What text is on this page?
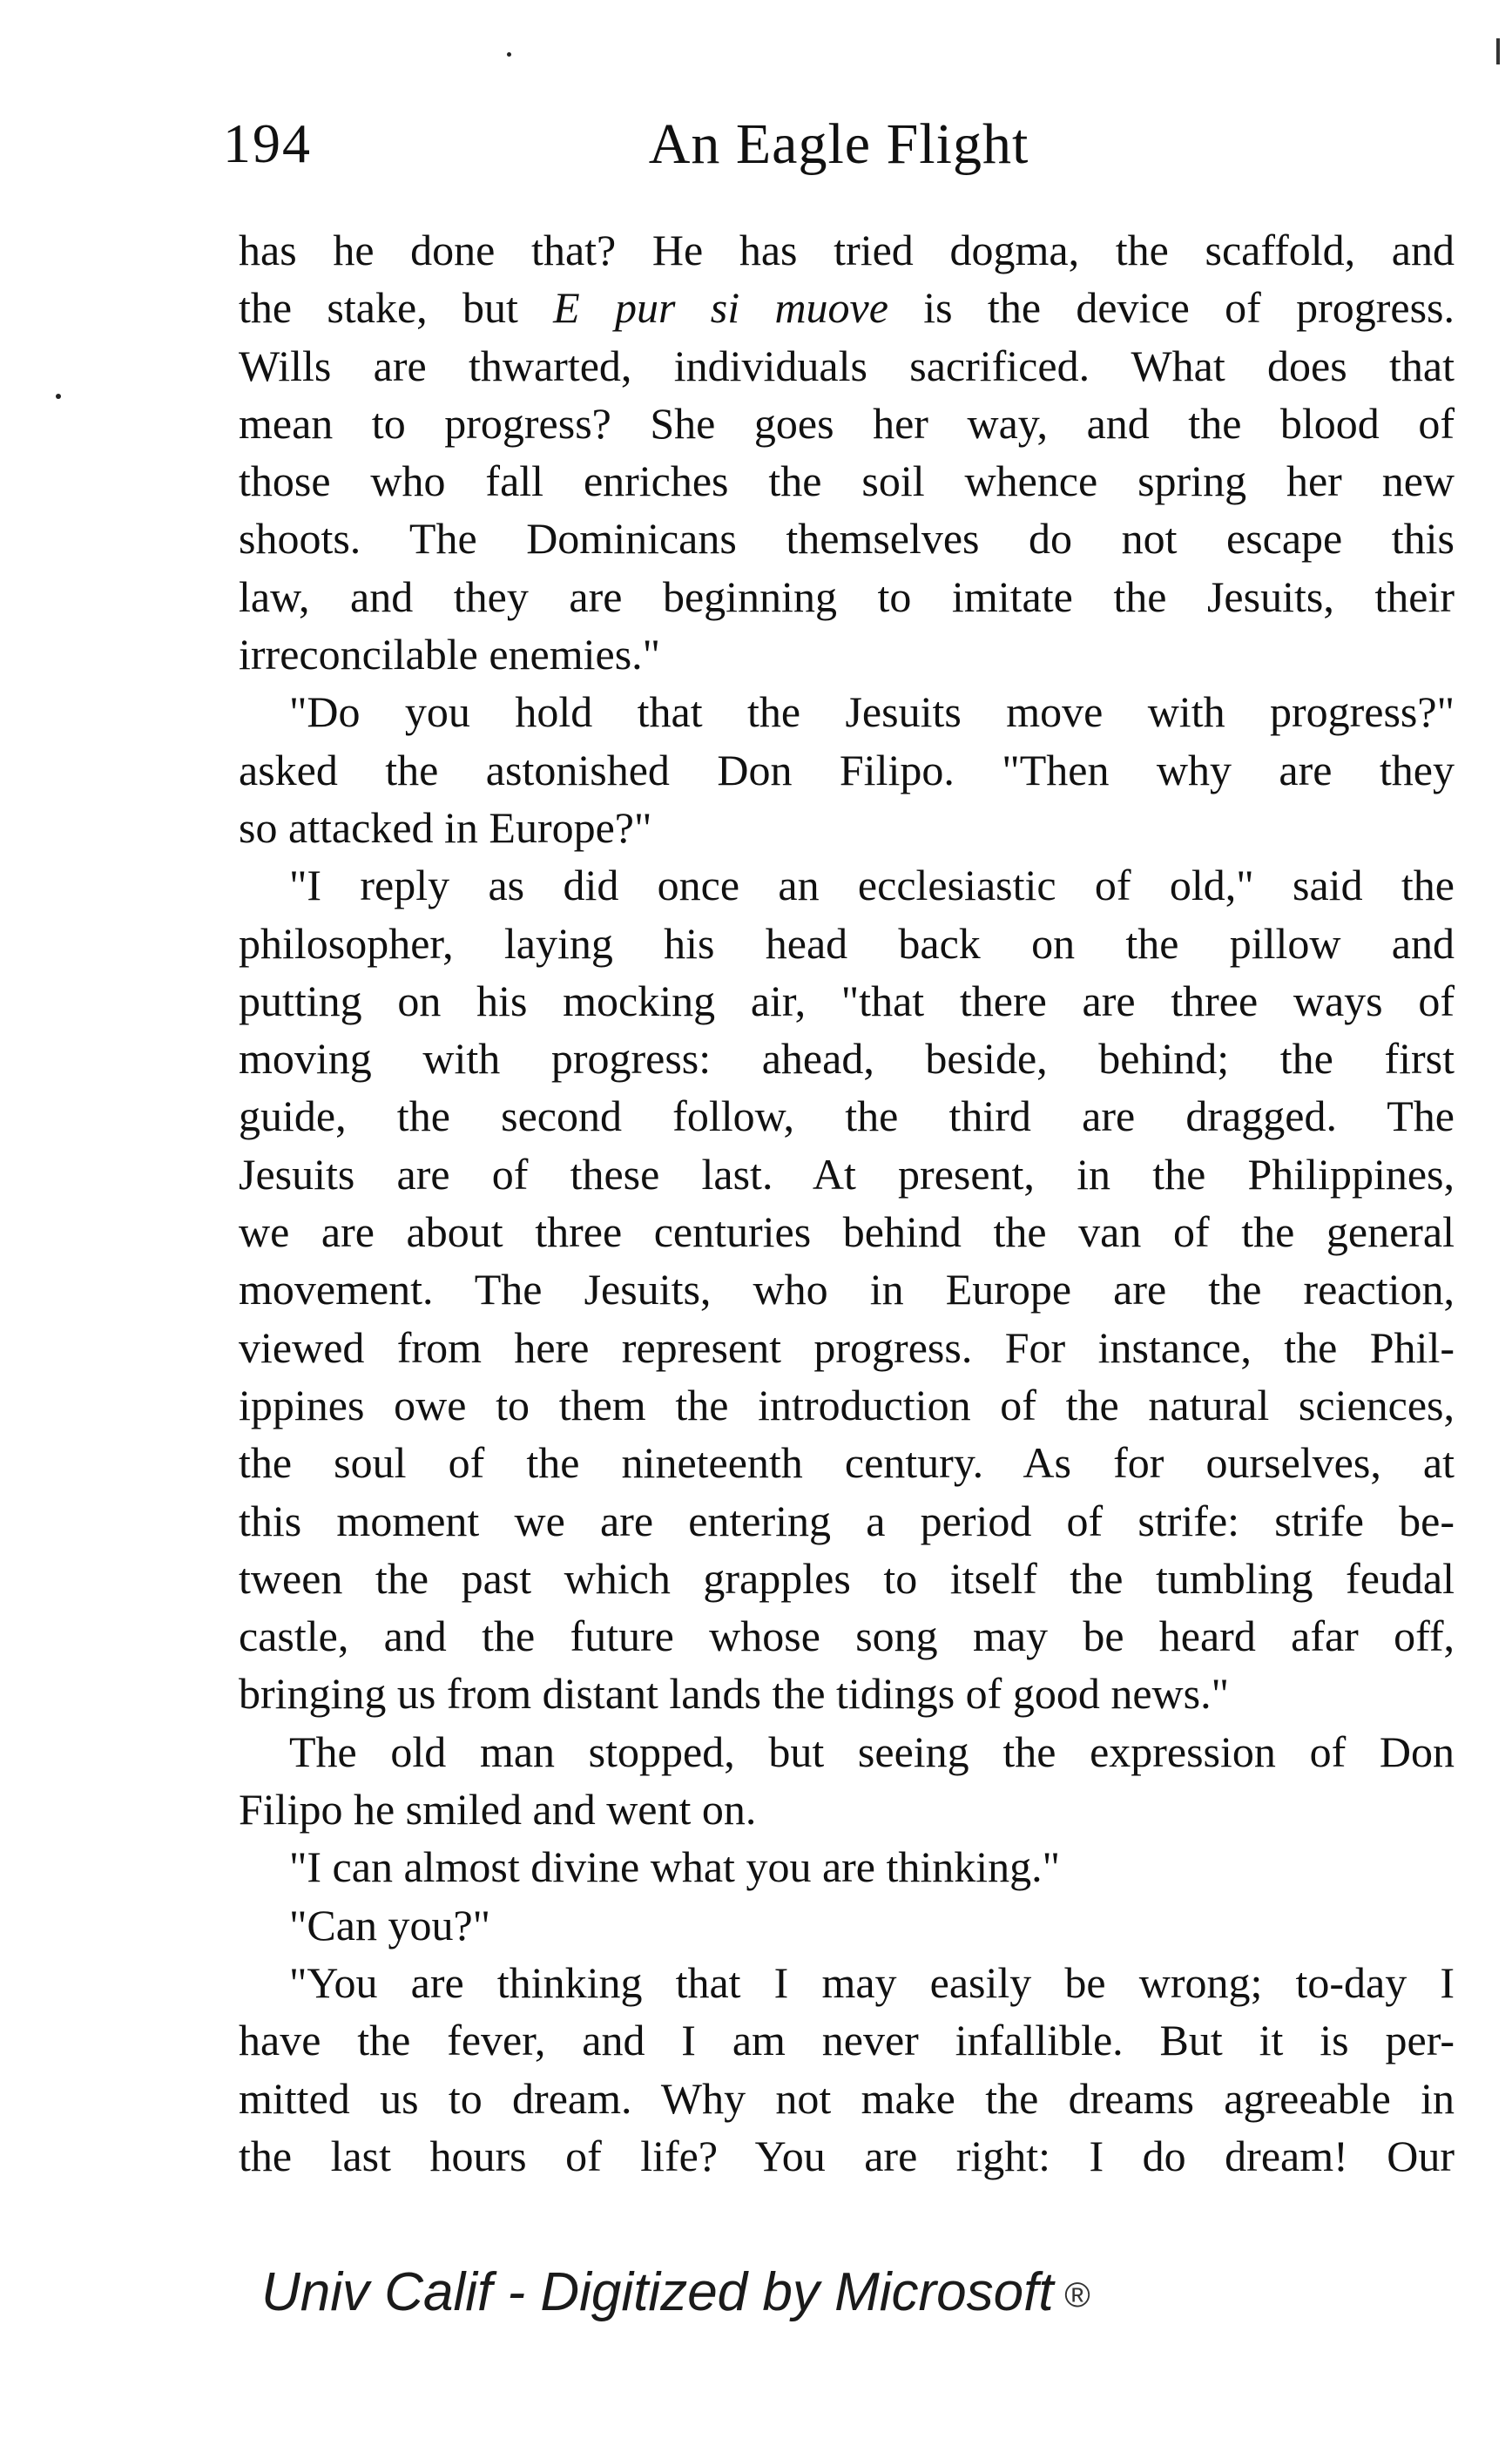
194	An Eagle Flight
has he done that? He has tried dogma, the scaffold, and
the stake, but E pur si muove is the device of progress.
Wills are thwarted, individuals sacrificed. What does that
mean to progress? She goes her way, and the blood of
those who fall enriches the soil whence spring her new
shoots. The Dominicans themselves do not escape this
law, and they are beginning to imitate the Jesuits, their
irreconcilable enemies."
"Do you hold that the Jesuits move with progress?"
asked the astonished Don Filipo. "Then why are they
so attacked in Europe?"
"I reply as did once an ecclesiastic of old," said the
philosopher, laying his head back on the pillow and
putting on his mocking air, "that there are three ways of
moving with progress: ahead, beside, behind; the first
guide, the second follow, the third are dragged. The
Jesuits are of these last. At present, in the Philippines,
we are about three centuries behind the van of the general
movement. The Jesuits, who in Europe are the reaction,
viewed from here represent progress. For instance, the Phil-
ippines owe to them the introduction of the natural sciences,
the soul of the nineteenth century. As for ourselves, at
this moment we are entering a period of strife: strife be-
tween the past which grapples to itself the tumbling feudal
castle, and the future whose song may be heard afar off,
bringing us from distant lands the tidings of good news."
The old man stopped, but seeing the expression of Don
Filipo he smiled and went on.
"I can almost divine what you are thinking."
"Can you?"
"You are thinking that I may easily be wrong; to-day I
have the fever, and I am never infallible. But it is per-
mitted us to dream. Why not make the dreams agreeable in
the last hours of life? You are right: I do dream! Our
Univ Calif - Digitized by Microsoft ®
